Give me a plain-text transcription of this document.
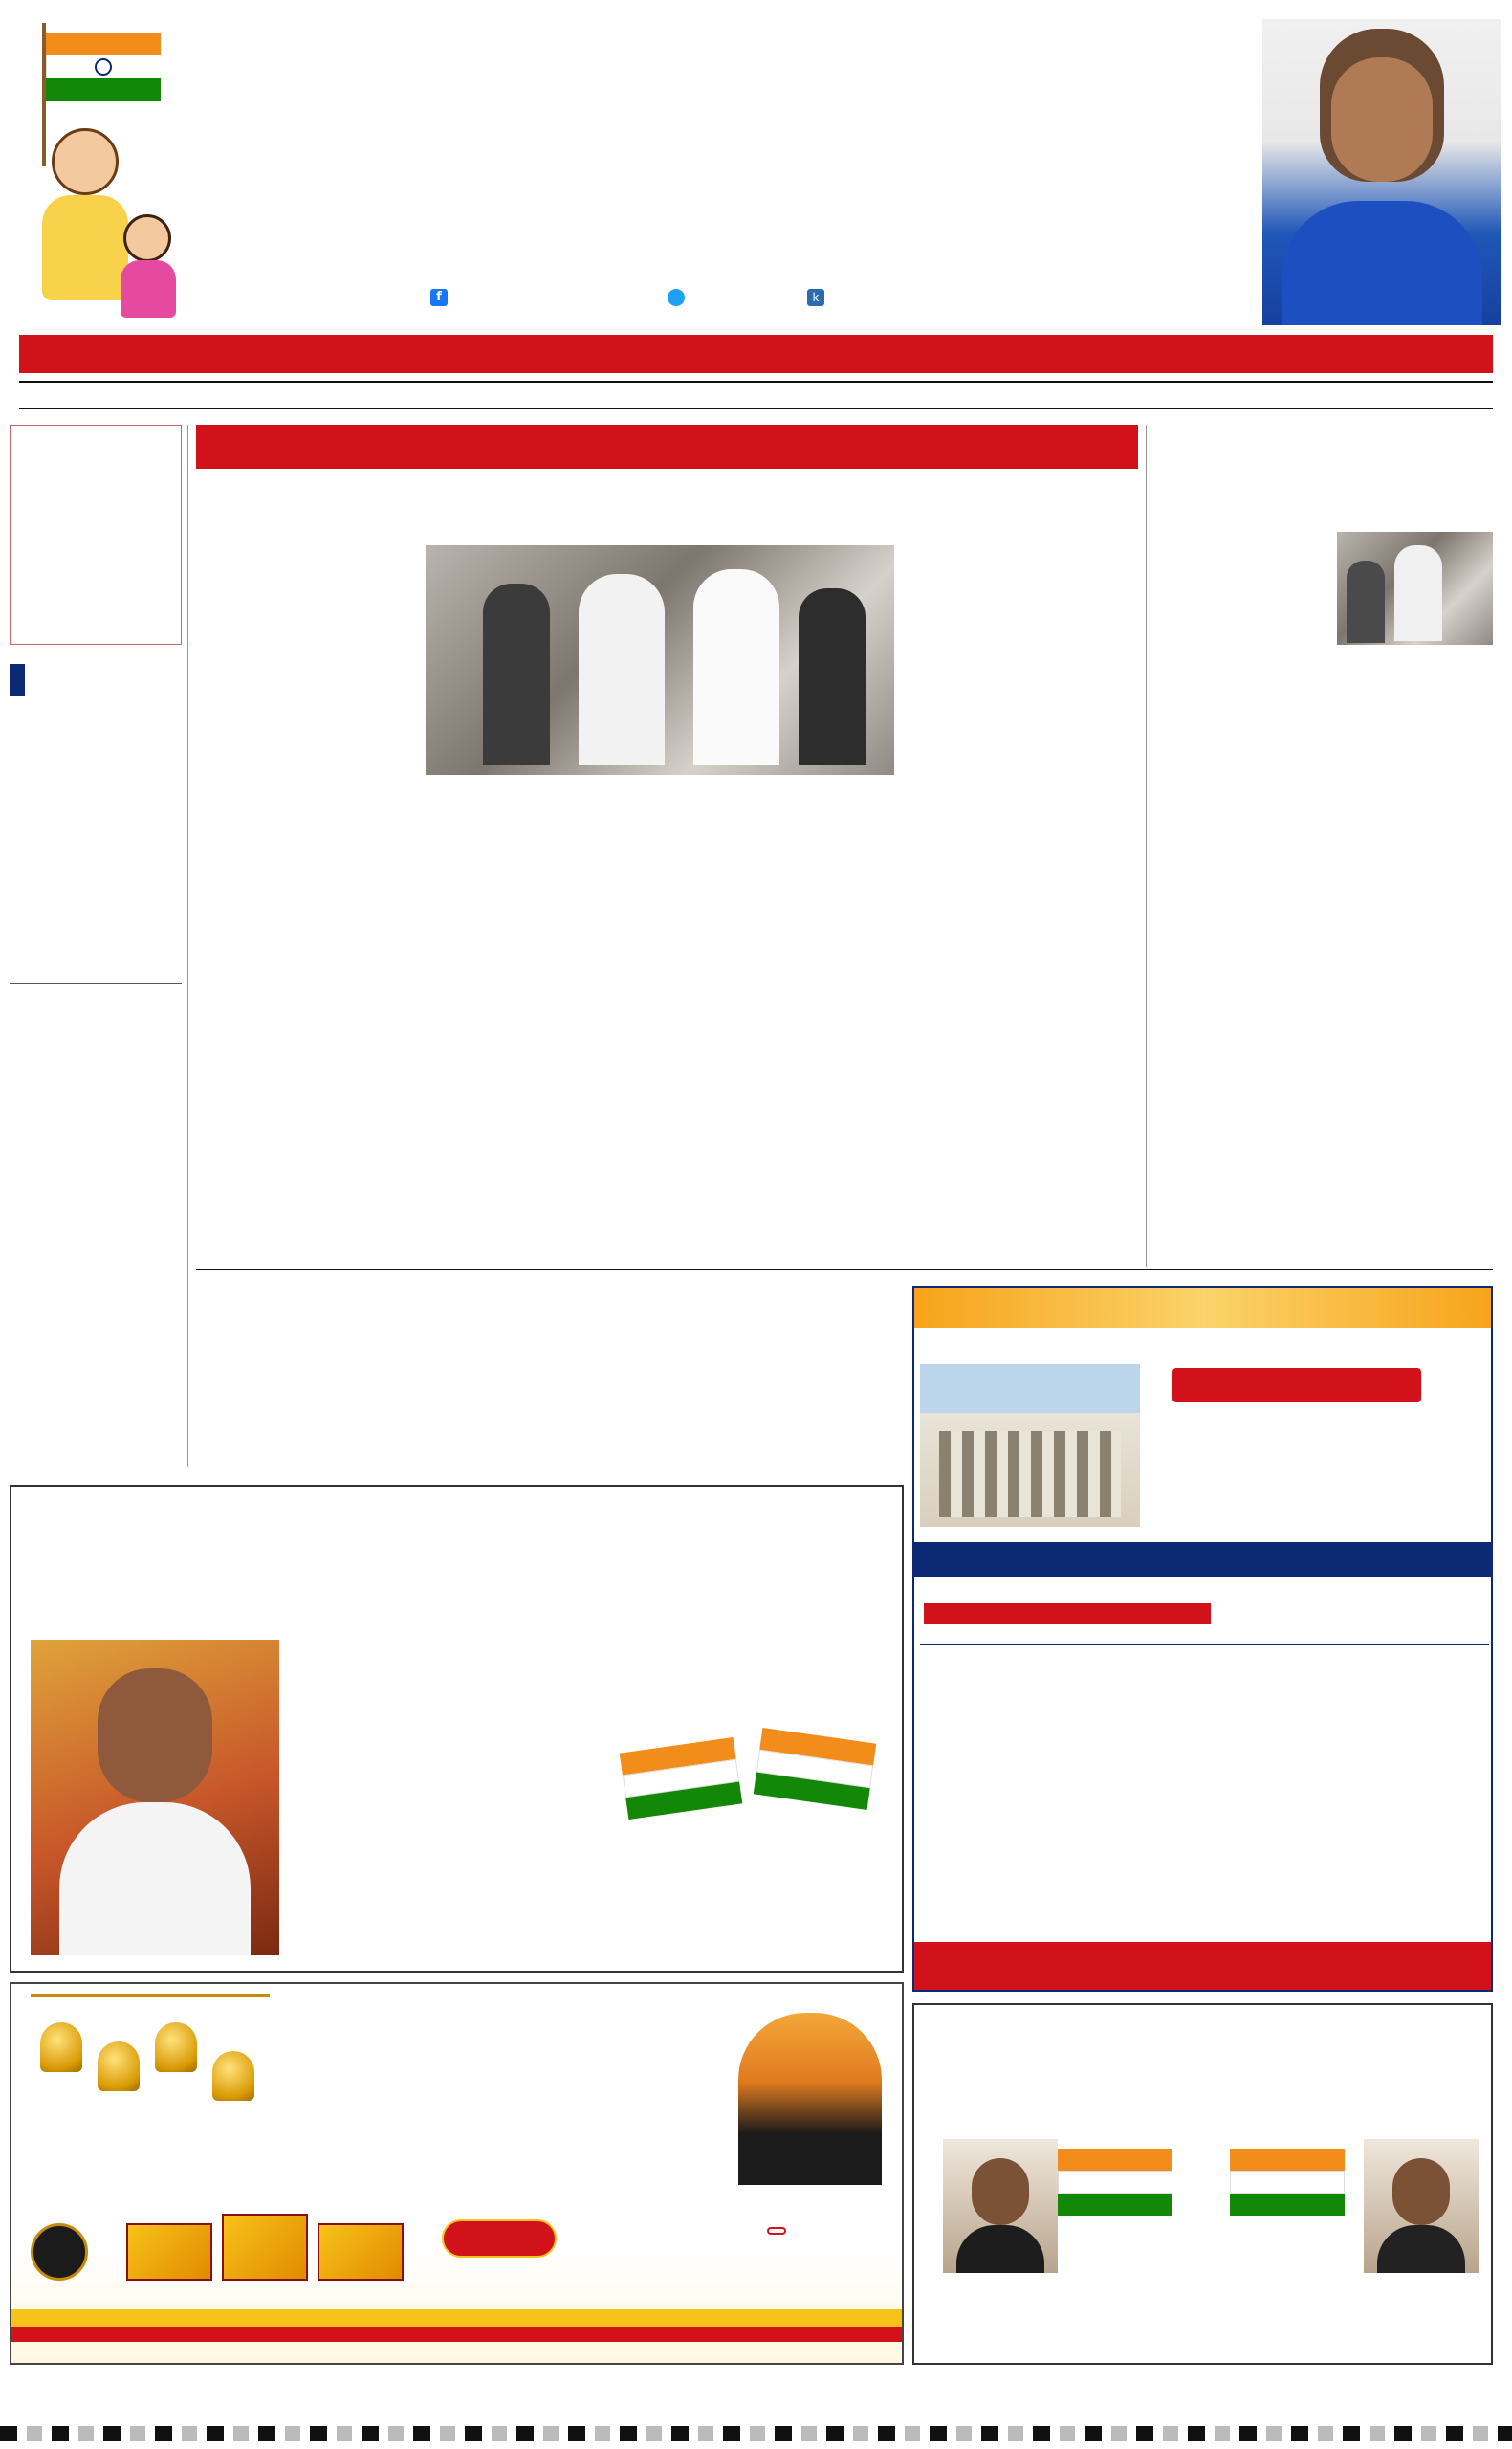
f	k
